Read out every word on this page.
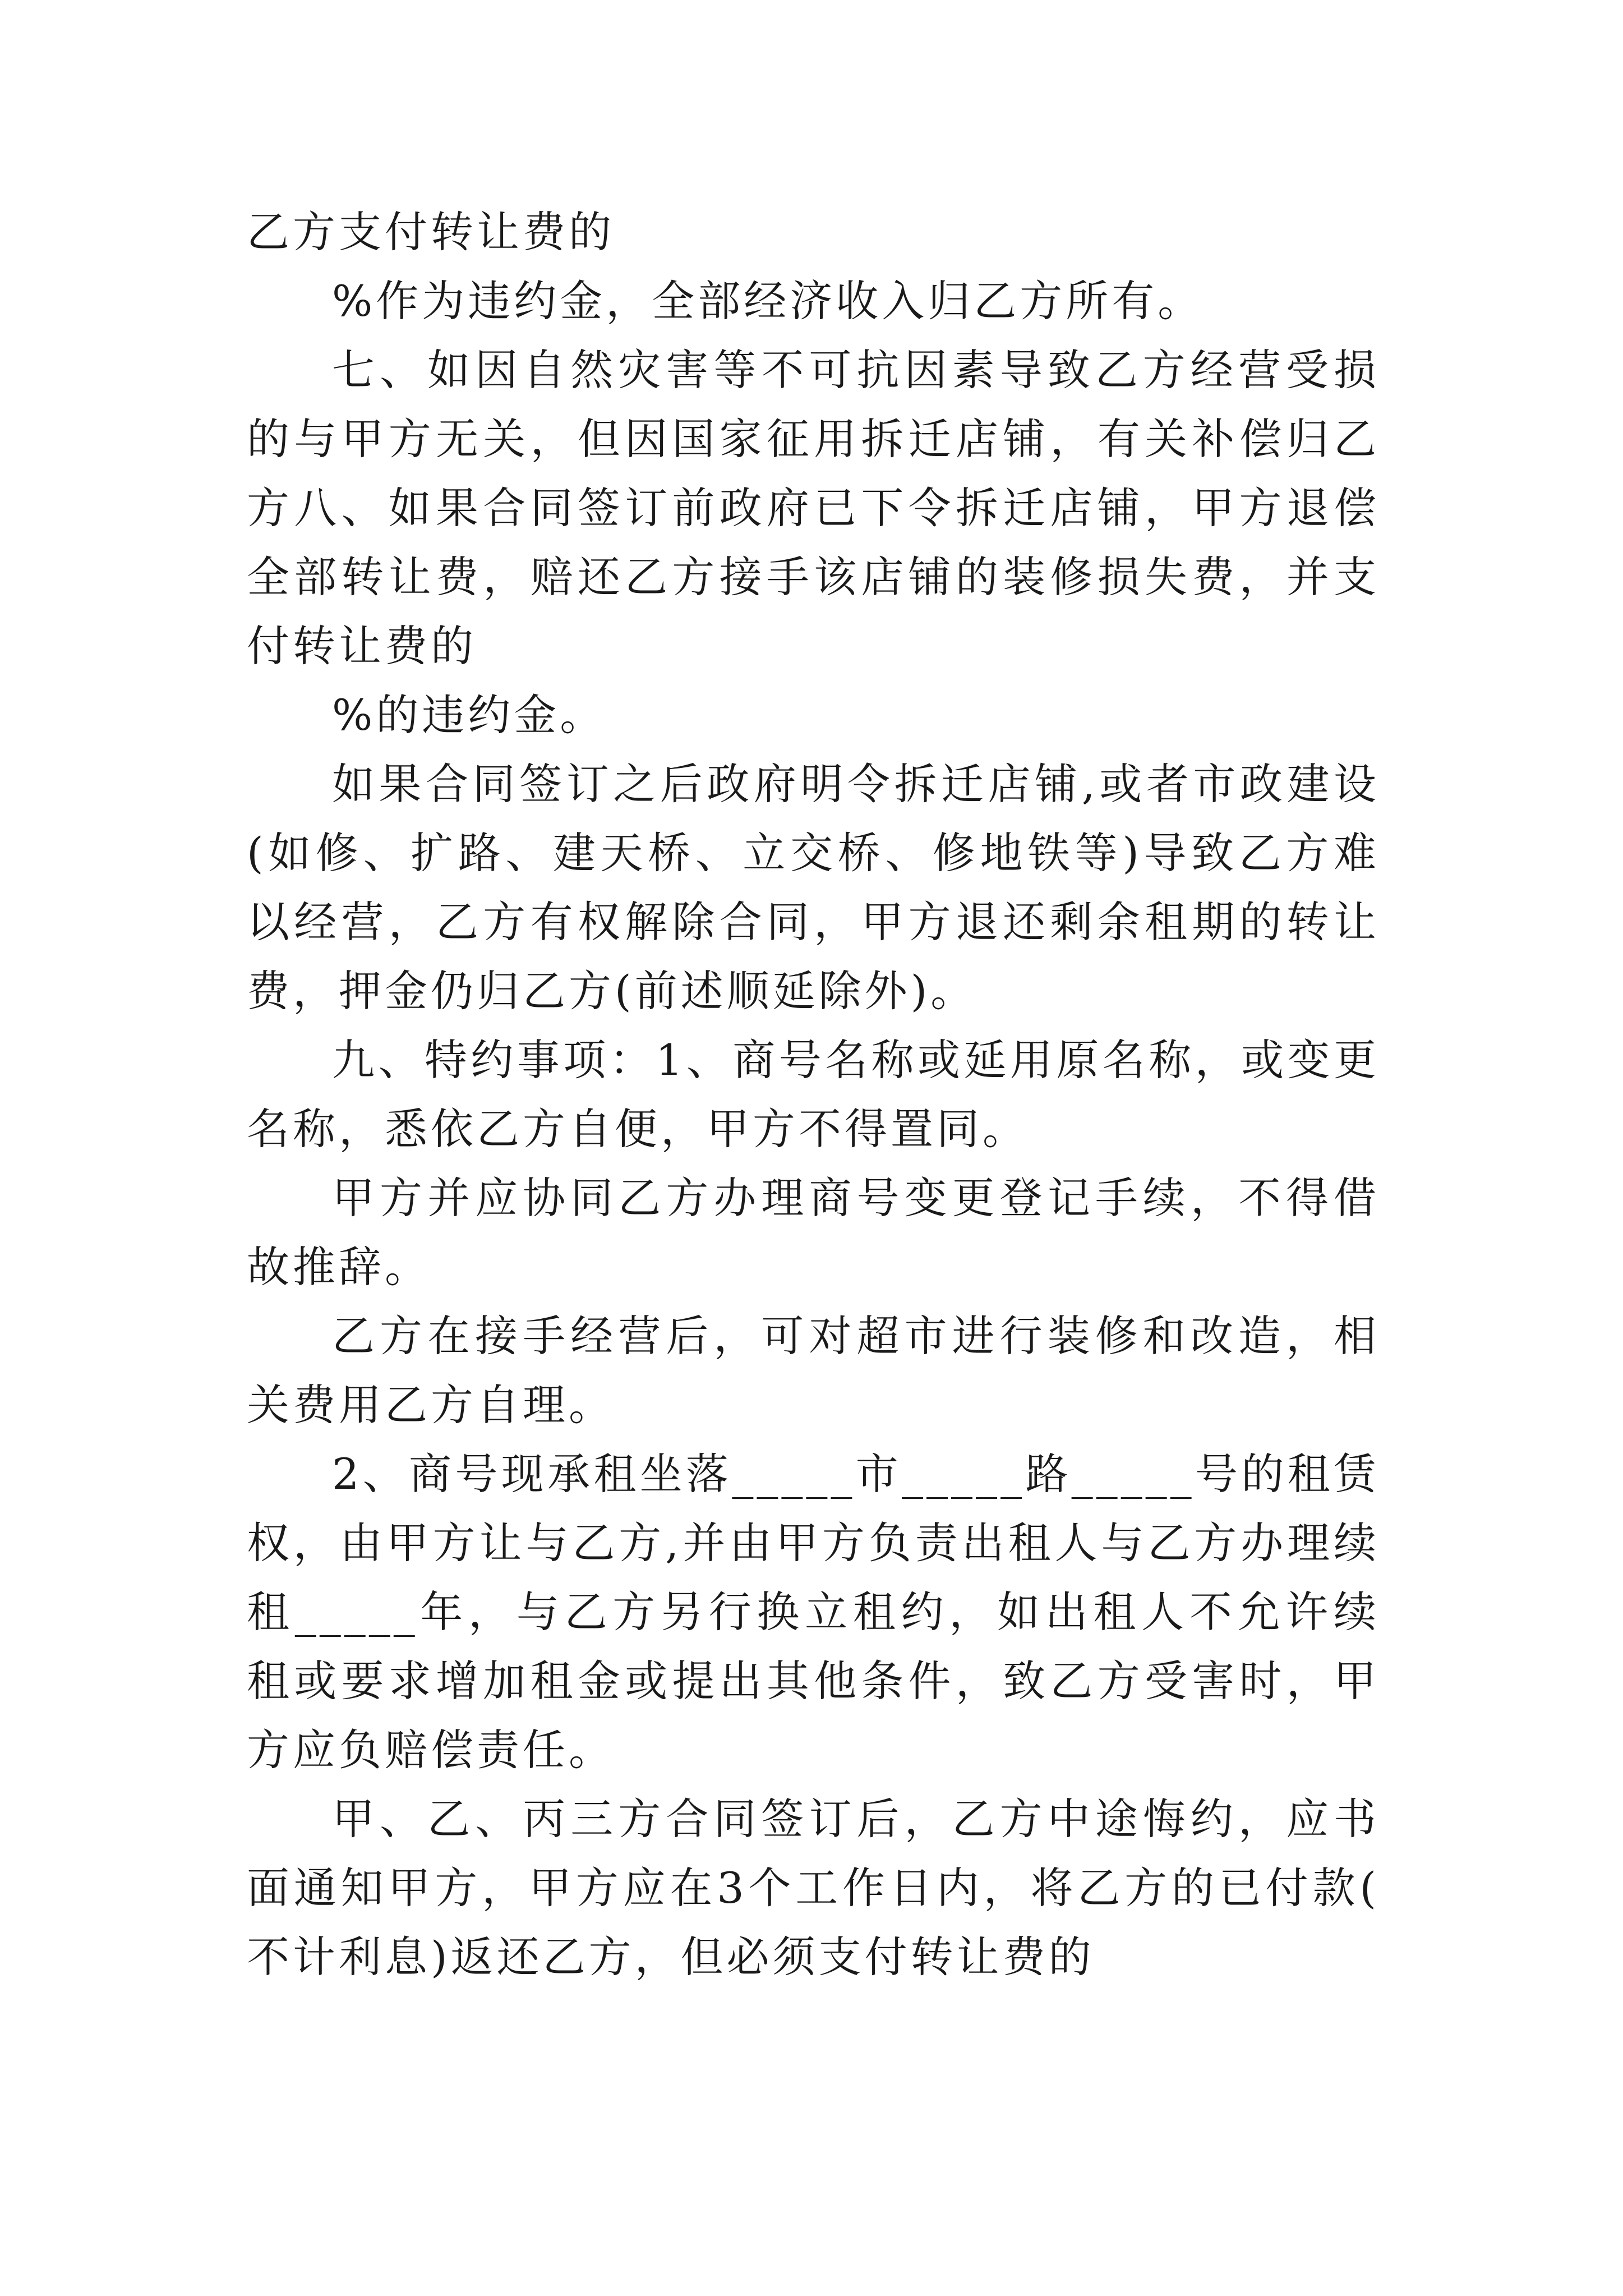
乙方支付转让费的

%作为违约金，全部经济收入归乙方所有。

七、如因自然灾害等不可抗因素导致乙方经营受损的与甲方无关，但因国家征用拆迁店铺，有关补偿归乙方八、如果合同签订前政府已下令拆迁店铺，甲方退偿全部转让费，赔还乙方接手该店铺的装修损失费，并支付转让费的

%的违约金。

如果合同签订之后政府明令拆迁店铺,或者市政建设(如修、扩路、建天桥、立交桥、修地铁等)导致乙方难以经营，乙方有权解除合同，甲方退还剩余租期的转让费，押金仍归乙方(前述顺延除外)。

九、特约事项：1、商号名称或延用原名称，或变更名称，悉依乙方自便，甲方不得置同。

甲方并应协同乙方办理商号变更登记手续，不得借故推辞。

乙方在接手经营后，可对超市进行装修和改造，相关费用乙方自理。

2、商号现承租坐落_____市_____路_____号的租赁权，由甲方让与乙方,并由甲方负责出租人与乙方办理续租_____年，与乙方另行换立租约，如出租人不允许续租或要求增加租金或提出其他条件，致乙方受害时，甲方应负赔偿责任。

甲、乙、丙三方合同签订后，乙方中途悔约，应书面通知甲方，甲方应在3个工作日内，将乙方的已付款(不计利息)返还乙方，但必须支付转让费的
